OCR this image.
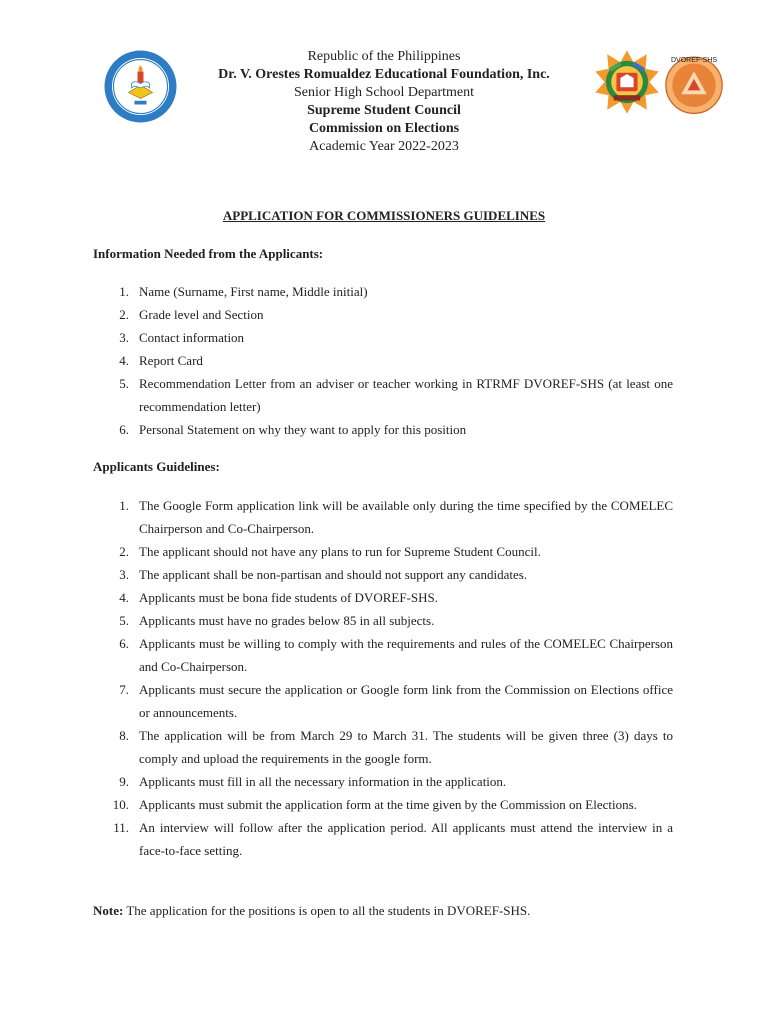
DVOREF-SHS
Republic of the Philippines
Dr. V. Orestes Romualdez Educational Foundation, Inc.
Senior High School Department
Supreme Student Council
Commission on Elections
Academic Year 2022-2023
APPLICATION FOR COMMISSIONERS GUIDELINES
Information Needed from the Applicants:
1. Name (Surname, First name, Middle initial)
2. Grade level and Section
3. Contact information
4. Report Card
5. Recommendation Letter from an adviser or teacher working in RTRMF DVOREF-SHS (at least one recommendation letter)
6. Personal Statement on why they want to apply for this position
Applicants Guidelines:
1. The Google Form application link will be available only during the time specified by the COMELEC Chairperson and Co-Chairperson.
2. The applicant should not have any plans to run for Supreme Student Council.
3. The applicant shall be non-partisan and should not support any candidates.
4. Applicants must be bona fide students of DVOREF-SHS.
5. Applicants must have no grades below 85 in all subjects.
6. Applicants must be willing to comply with the requirements and rules of the COMELEC Chairperson and Co-Chairperson.
7. Applicants must secure the application or Google form link from the Commission on Elections office or announcements.
8. The application will be from March 29 to March 31. The students will be given three (3) days to comply and upload the requirements in the google form.
9. Applicants must fill in all the necessary information in the application.
10. Applicants must submit the application form at the time given by the Commission on Elections.
11. An interview will follow after the application period. All applicants must attend the interview in a face-to-face setting.
Note: The application for the positions is open to all the students in DVOREF-SHS.
